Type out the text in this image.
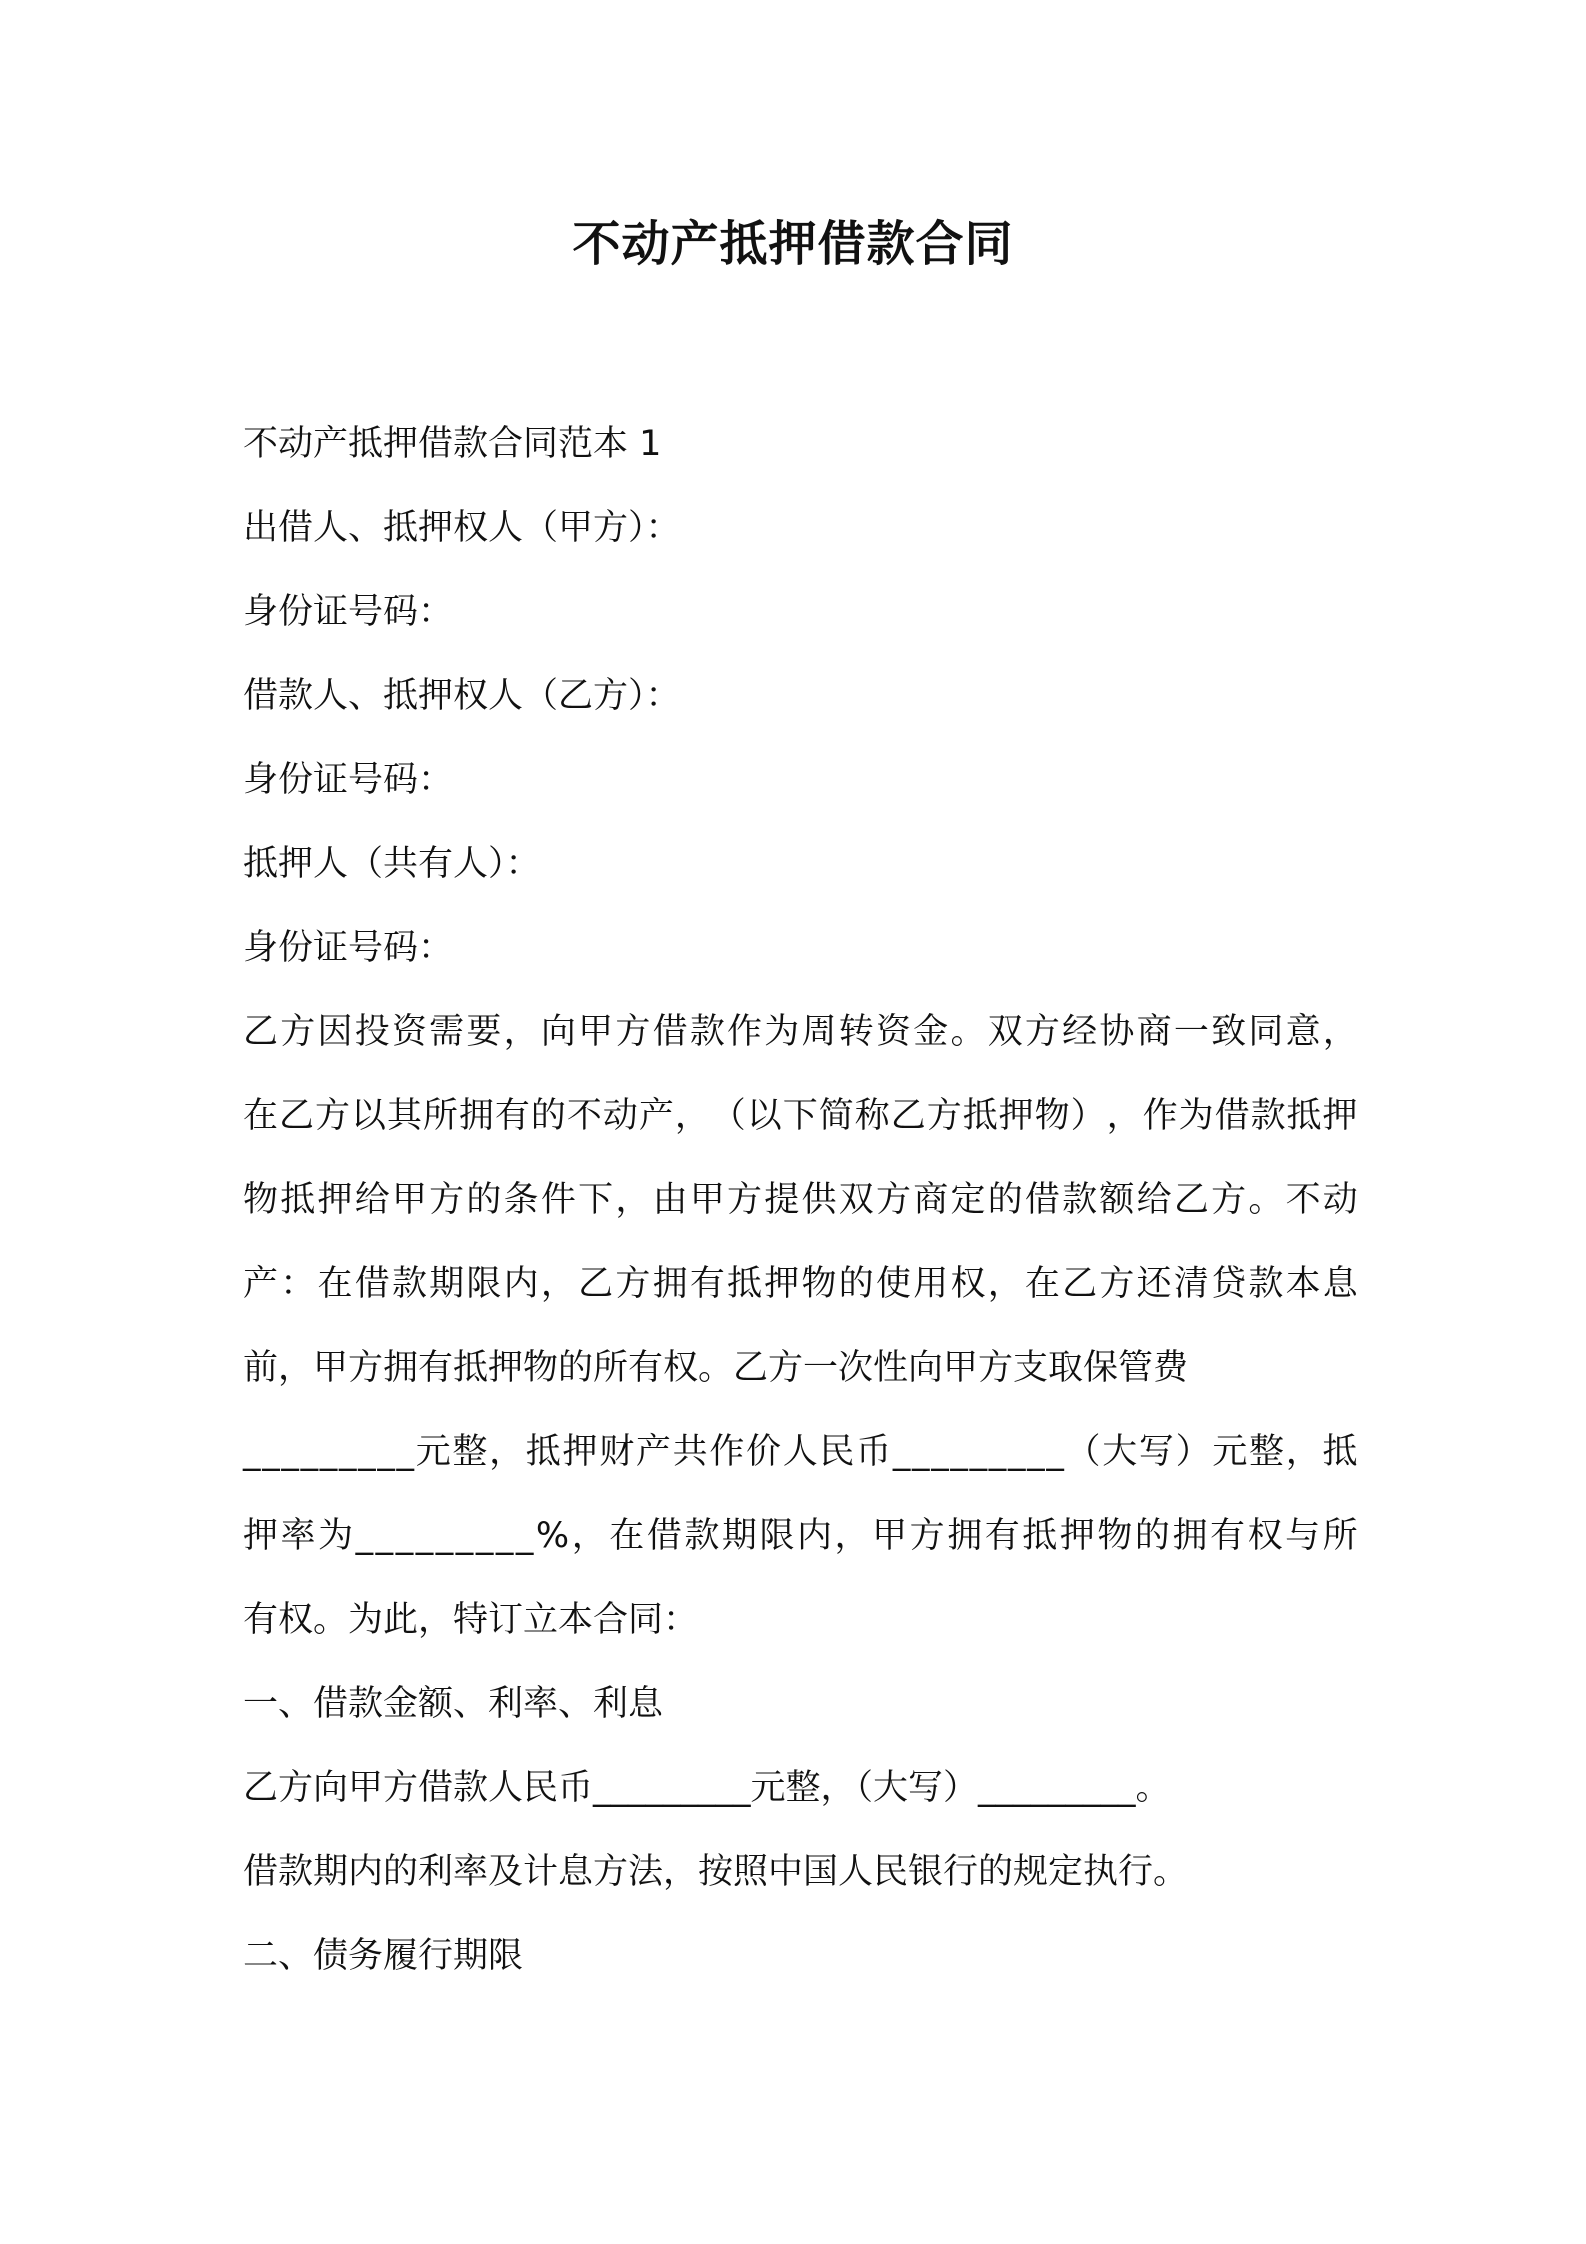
不动产抵押借款合同
不动产抵押借款合同范本 1
出借人、抵押权人（甲方）：
身份证号码：
借款人、抵押权人（乙方）：
身份证号码：
抵押人（共有人）：
身份证号码：
乙 方 因 投 资 需 要 ， 向 甲 方 借 款 作 为 周 转 资 金 。 双 方 经 协 商 一 致 同 意 ，
在 乙 方 以 其 所 拥 有 的 不 动 产 ， （ 以 下 简 称 乙 方 抵 押 物 ） ， 作 为 借 款 抵 押
物 抵 押 给 甲 方 的 条 件 下 ， 由 甲 方 提 供 双 方 商 定 的 借 款 额 给 乙 方 。 不 动
产 ： 在 借 款 期 限 内 ， 乙 方 拥 有 抵 押 物 的 使 用 权 ， 在 乙 方 还 清 贷 款 本 息
前，甲方拥有抵押物的所有权。乙方一次性向甲方支取保管费
_ _ _ _ _ _ _ _ _ 元 整 ， 抵 押 财 产 共 作 价 人 民 币 _ _ _ _ _ _ _ _ _ （ 大 写 ） 元 整 ， 抵
押 率 为 _ _ _ _ _ _ _ _ _ % ， 在 借 款 期 限 内 ， 甲 方 拥 有 抵 押 物 的 拥 有 权 与 所
有权。为此，特订立本合同：
一、借款金额、利率、利息
乙方向甲方借款人民币_________元整，（大写）_________。
借款期内的利率及计息方法，按照中国人民银行的规定执行。
二、债务履行期限
